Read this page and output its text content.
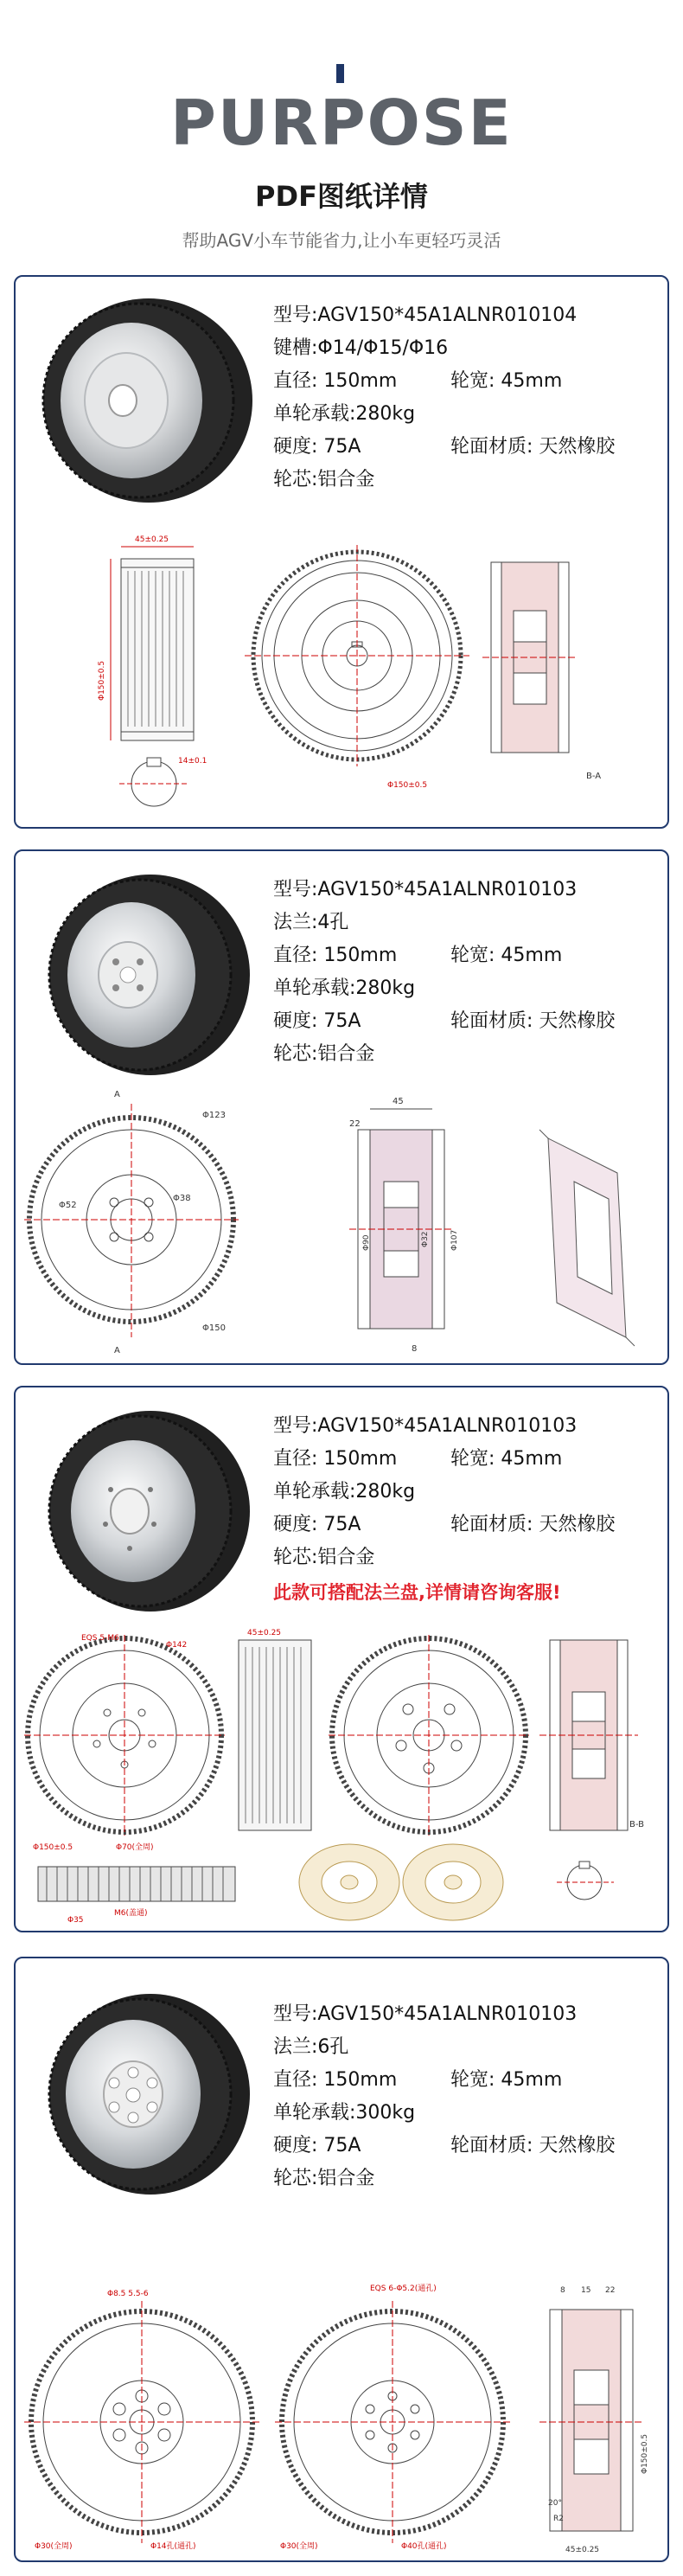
PURPOSE
PDF图纸详情
帮助AGV小车节能省力,让小车更轻巧灵活
型号: AGV150*45A1ALNR010104
键槽: Φ14/Φ15/Φ16
直径: 150mm	轮宽: 45mm
单轮承载: 280kg
硬度: 75A	轮面材质: 天然橡胶
轮芯: 铝合金
45±0.25
Φ150±0.5
14±0.1
Φ150±0.5
B-A
型号: AGV150*45A1ALNR010103
法兰: 4孔
直径: 150mm	轮宽: 45mm
单轮承载: 280kg
硬度: 75A	轮面材质: 天然橡胶
轮芯: 铝合金
Φ123
Φ52
Φ38
Φ150
A
A
45
22
Φ90	Φ32	Φ107
8
型号: AGV150*45A1ALNR010103
直径: 150mm	轮宽: 45mm
单轮承载: 280kg
硬度: 75A	轮面材质: 天然橡胶
轮芯: 铝合金
此款可搭配法兰盘,详情请咨询客服!
EQS 5-M6
Φ142
Φ150±0.5	Φ70(全周)
45±0.25
B-B
M6(盖通)
Φ35
型号: AGV150*45A1ALNR010103
法兰: 6孔
直径: 150mm	轮宽: 45mm
单轮承载: 300kg
硬度: 75A	轮面材质: 天然橡胶
轮芯: 铝合金
Φ8.5 5.5-6
Φ30(全周)	Φ14孔(通孔)
EQS 6-Φ5.2(通孔)
Φ30(全周)	Φ40孔(通孔)
8 15 22
45±0.25
Φ150±0.5
20°
R2
